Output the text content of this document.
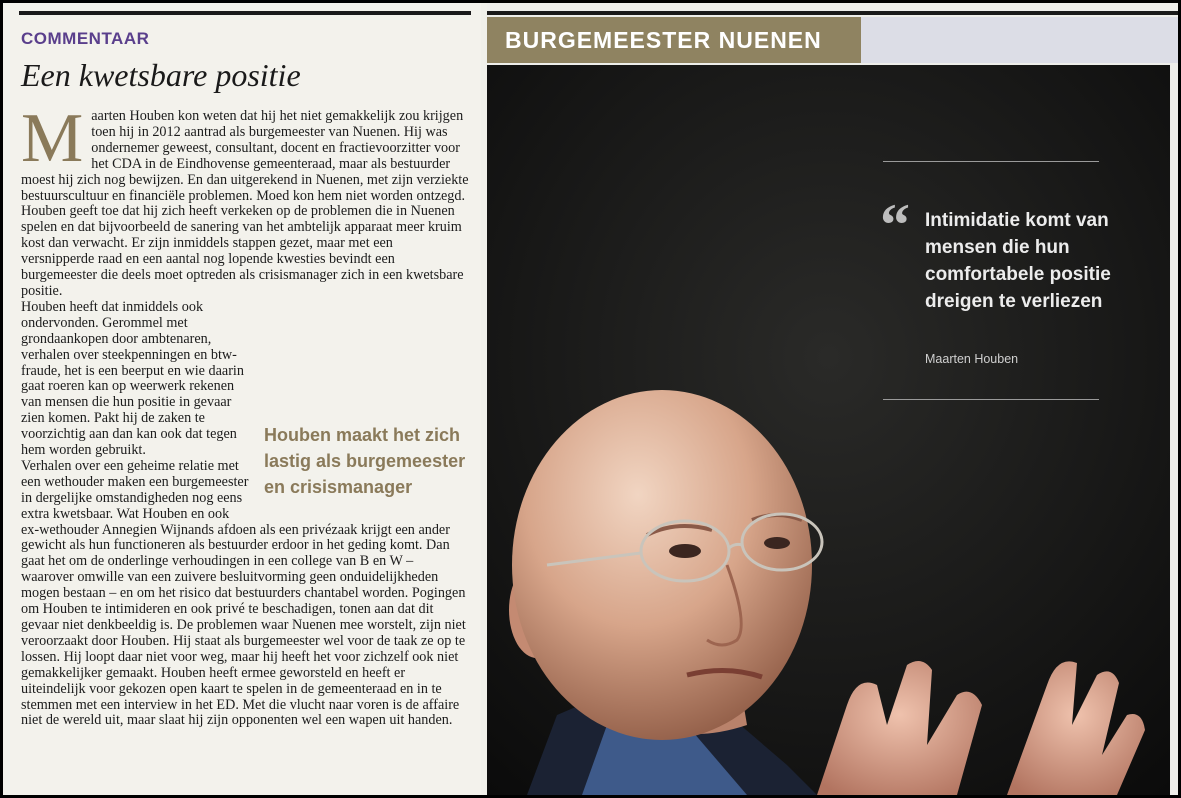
COMMENTAAR
Een kwetsbare positie
M aarten Houben kon weten dat hij het niet gemakkelijk zou krijgen toen hij in 2012 aantrad als burgemeester van Nuenen. Hij was ondernemer geweest, consultant, docent en fractievoorzitter voor het CDA in de Eindhovense gemeenteraad, maar als bestuurder moest hij zich nog bewijzen. En dan uitgerekend in Nuenen, met zijn verziekte bestuurscultuur en financiële problemen. Moed kon hem niet worden ontzegd.

Houben geeft toe dat hij zich heeft verkeken op de problemen die in Nuenen spelen en dat bijvoorbeeld de sanering van het ambtelijk apparaat meer kruim kost dan verwacht. Er zijn inmiddels stappen gezet, maar met een versnipperde raad en een aantal nog lopende kwesties bevindt een burgemeester die deels moet optreden als crisismanager zich in een kwetsbare positie.

Houben maakt het zich lastig als burgemeester en crisismanager

Houben heeft dat inmiddels ook ondervonden. Gerommel met grondaankopen door ambtenaren, verhalen over steekpenningen en btw-fraude, het is een beerput en wie daarin gaat roeren kan op weerwerk rekenen van mensen die hun positie in gevaar zien komen. Pakt hij de zaken te voorzichtig aan dan kan ook dat tegen hem worden gebruikt.

Verhalen over een geheime relatie met een wethouder maken een burgemeester in dergelijke omstandigheden nog eens extra kwetsbaar. Wat Houben en ook ex-wethouder Annegien Wijnands afdoen als een privézaak krijgt een ander gewicht als hun functioneren als bestuurder erdoor in het geding komt. Dan gaat het om de onderlinge verhoudingen in een college van B en W – waarover omwille van een zuivere besluitvorming geen onduidelijkheden mogen bestaan – en om het risico dat bestuurders chantabel worden. Pogingen om Houben te intimideren en ook privé te beschadigen, tonen aan dat dit gevaar niet denkbeeldig is. De problemen waar Nuenen mee worstelt, zijn niet veroorzaakt door Houben. Hij staat als burgemeester wel voor de taak ze op te lossen. Hij loopt daar niet voor weg, maar hij heeft het voor zichzelf ook niet gemakkelijker gemaakt. Houben heeft ermee geworsteld en heeft er uiteindelijk voor gekozen open kaart te spelen in de gemeenteraad en in te stemmen met een interview in het ED. Met die vlucht naar voren is de affaire niet de wereld uit, maar slaat hij zijn opponenten wel een wapen uit handen.

BURGEMEESTER NUENEN
“ Intimidatie komt van mensen die hun comfortabele positie dreigen te verliezen
Maarten Houben
